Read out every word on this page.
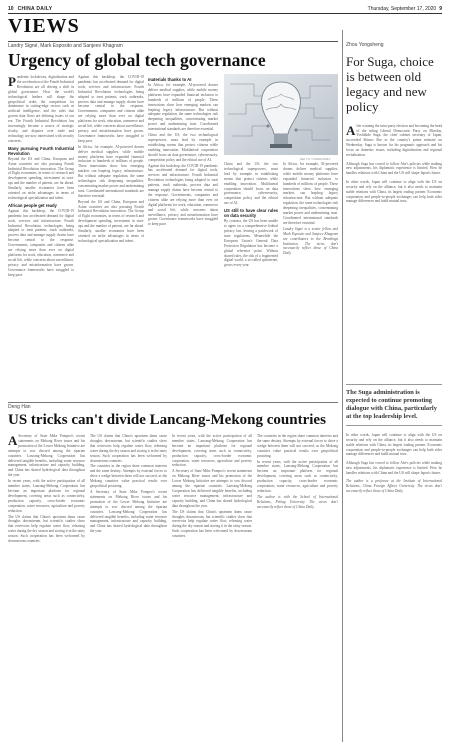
10 CHINA DAILY	Thursday, September 17, 2020 9
VIEWS
Landry Signé, Mark Esposito and Sanjeev Khagram
Urgency of global tech governance

Pandemic lockdowns, digitalization and the acceleration of the Fourth Industrial Revolution are all driving a shift in global governance. How the world's technological leaders will shape the geopolitical order, the competition for dominance in cutting-edge sectors such as artificial intelligence, and the rules that govern data flows are defining issues of our era. The Fourth Industrial Revolution has increasingly become a source of strategic rivalry, and disputes over trade and technology are now intertwined with security concerns.

Many pursuing Fourth Industrial Revolution

Beyond the US and China, European and Asian countries are also pursuing Fourth Industrial Revolution innovation. The Group of Eight economies, in terms of research and development spending, investment in start-ups and the number of patents, are far ahead. Similarly, smaller economies have been oriented on niche advantages in terms of technological specialization and talent.

African people get ready

Against this backdrop, the COVID-19 pandemic has accelerated demand for digital tools, services and infrastructure. Fourth Industrial Revolution technologies being adapted to treat patients, track outbreaks, process data and manage supply chains have become central to the response. Governments, companies and citizens alike are relying more than ever on digital platforms for work, education, commerce and social life, while concerns about surveillance, privacy and misinformation have grown. Governance frameworks have struggled to keep pace.

Against this backdrop, the COVID-19 pandemic has accelerated demand for digital tools, services and infrastructure. Fourth Industrial Revolution technologies being adapted to treat patients, track outbreaks, process data and manage supply chains have become central to the response. Governments, companies and citizens alike are relying more than ever on digital platforms for work, education, commerce and social life, while concerns about surveillance, privacy and misinformation have grown. Governance frameworks have struggled to keep pace.

In Africa, for example, AI-powered drones deliver medical supplies, while mobile money platforms have expanded financial inclusion to hundreds of millions of people. These innovations show how emerging markets can leapfrog legacy infrastructure. But without adequate regulation, the same technologies risk deepening inequalities, concentrating market power and undermining trust. Coordinated international standards are therefore essential.

Beyond the US and China, European and Asian countries are also pursuing Fourth Industrial Revolution innovation. The Group of Eight economies, in terms of research and development spending, investment in start-ups and the number of patents, are far ahead. Similarly, smaller economies have been oriented on niche advantages in terms of technological specialization and talent.

materials thanks to AI

In Africa, for example, AI-powered drones deliver medical supplies, while mobile money platforms have expanded financial inclusion to hundreds of millions of people. These innovations show how emerging markets can leapfrog legacy infrastructure. But without adequate regulation, the same technologies risk deepening inequalities, concentrating market power and undermining trust. Coordinated international standards are therefore essential.

China and the US, the two technological superpowers, must lead by example in establishing norms that protect citizens while enabling innovation. Multilateral cooperation should focus on data governance, cybersecurity, competition policy and the ethical use of AI.

Against this backdrop, the COVID-19 pandemic has accelerated demand for digital tools, services and infrastructure. Fourth Industrial Revolution technologies being adapted to treat patients, track outbreaks, process data and manage supply chains have become central to the response. Governments, companies and citizens alike are relying more than ever on digital platforms for work, education, commerce and social life, while concerns about surveillance, privacy and misinformation have grown. Governance frameworks have struggled to keep pace.

SHI YU / CHINA DAILY

China and the US, the two technological superpowers, must lead by example in establishing norms that protect citizens while enabling innovation. Multilateral cooperation should focus on data governance, cybersecurity, competition policy and the ethical use of AI.

US still to have clear rules on data security

By contrast, the US has been unable to agree on a comprehensive federal privacy law, leaving a patchwork of state regulations. Meanwhile the European Union's General Data Protection Regulation has become a global reference point. Without shared rules, the risk of a fragmented digital world, a so-called splinternet, grows every year.

In Africa, for example, AI-powered drones deliver medical supplies, while mobile money platforms have expanded financial inclusion to hundreds of millions of people. These innovations show how emerging markets can leapfrog legacy infrastructure. But without adequate regulation, the same technologies risk deepening inequalities, concentrating market power and undermining trust. Coordinated international standards are therefore essential.

Landry Signé is a senior fellow and Mark Esposito and Sanjeev Khagram are contributors to the Brookings Institution. The views don't necessarily reflect those of China Daily.

Deng Han
US tricks can't divide Lancang-Mekong countries

ASecretary of State Mike Pompeo's recent statements on Mekong River issues and his promotion of the Lower Mekong Initiative are attempts to sow discord among the riparian countries. Lancang-Mekong Cooperation has delivered tangible benefits, including water resource management, infrastructure and capacity building, and China has shared hydrological data throughout the year.

In recent years, with the active participation of all member states, Lancang-Mekong Cooperation has become an important platform for regional development, covering areas such as connectivity, production capacity, cross-border economic cooperation, water resources, agriculture and poverty reduction.

The US claims that China's upstream dams cause droughts downstream, but scientific studies show that reservoirs help regulate water flow, releasing water during the dry season and storing it in the rainy season. Such cooperation has been welcomed by downstream countries.

The US claims that China's upstream dams cause droughts downstream, but scientific studies show that reservoirs help regulate water flow, releasing water during the dry season and storing it in the rainy season. Such cooperation has been welcomed by downstream countries.

The countries in the region share common interests and the same destiny. Attempts by external forces to drive a wedge between them will not succeed, as the Mekong countries value practical results over geopolitical posturing.

A Secretary of State Mike Pompeo's recent statements on Mekong River issues and his promotion of the Lower Mekong Initiative are attempts to sow discord among the riparian countries. Lancang-Mekong Cooperation has delivered tangible benefits, including water resource management, infrastructure and capacity building, and China has shared hydrological data throughout the year.

In recent years, with the active participation of all member states, Lancang-Mekong Cooperation has become an important platform for regional development, covering areas such as connectivity, production capacity, cross-border economic cooperation, water resources, agriculture and poverty reduction.

A Secretary of State Mike Pompeo's recent statements on Mekong River issues and his promotion of the Lower Mekong Initiative are attempts to sow discord among the riparian countries. Lancang-Mekong Cooperation has delivered tangible benefits, including water resource management, infrastructure and capacity building, and China has shared hydrological data throughout the year.

The US claims that China's upstream dams cause droughts downstream, but scientific studies show that reservoirs help regulate water flow, releasing water during the dry season and storing it in the rainy season. Such cooperation has been welcomed by downstream countries.

The countries in the region share common interests and the same destiny. Attempts by external forces to drive a wedge between them will not succeed, as the Mekong countries value practical results over geopolitical posturing.

In recent years, with the active participation of all member states, Lancang-Mekong Cooperation has become an important platform for regional development, covering areas such as connectivity, production capacity, cross-border economic cooperation, water resources, agriculture and poverty reduction.

The author is with the School of International Relations, Peking University. The views don't necessarily reflect those of China Daily.

Zhou Yongsheng
For Suga, choice is between old legacy and new policy

After winning the intra-party election and becoming the head of the ruling Liberal Democratic Party on Monday, Yoshihide Suga, the chief cabinet secretary of Japan, succeeded Shinzo Abe as the country's prime minister on Wednesday. Suga is known for his pragmatic approach and his focus on domestic issues, including digitalization and regional revitalization.

Although Suga has vowed to follow Abe's policies while making new adjustments, his diplomatic experience is limited. How he handles relations with China and the US will shape Japan's future.

In other words, Japan will continue to align with the US on security and rely on the alliance, but it also needs to maintain stable relations with China, its largest trading partner. Economic cooperation and people-to-people exchanges can help both sides manage differences and build mutual trust.

The Suga administration is expected to continue promoting dialogue with China, particularly at the top leadership level.

In other words, Japan will continue to align with the US on security and rely on the alliance, but it also needs to maintain stable relations with China, its largest trading partner. Economic cooperation and people-to-people exchanges can help both sides manage differences and build mutual trust.

Although Suga has vowed to follow Abe's policies while making new adjustments, his diplomatic experience is limited. How he handles relations with China and the US will shape Japan's future.

The author is a professor at the Institute of International Relations, China Foreign Affairs University. The views don't necessarily reflect those of China Daily.
